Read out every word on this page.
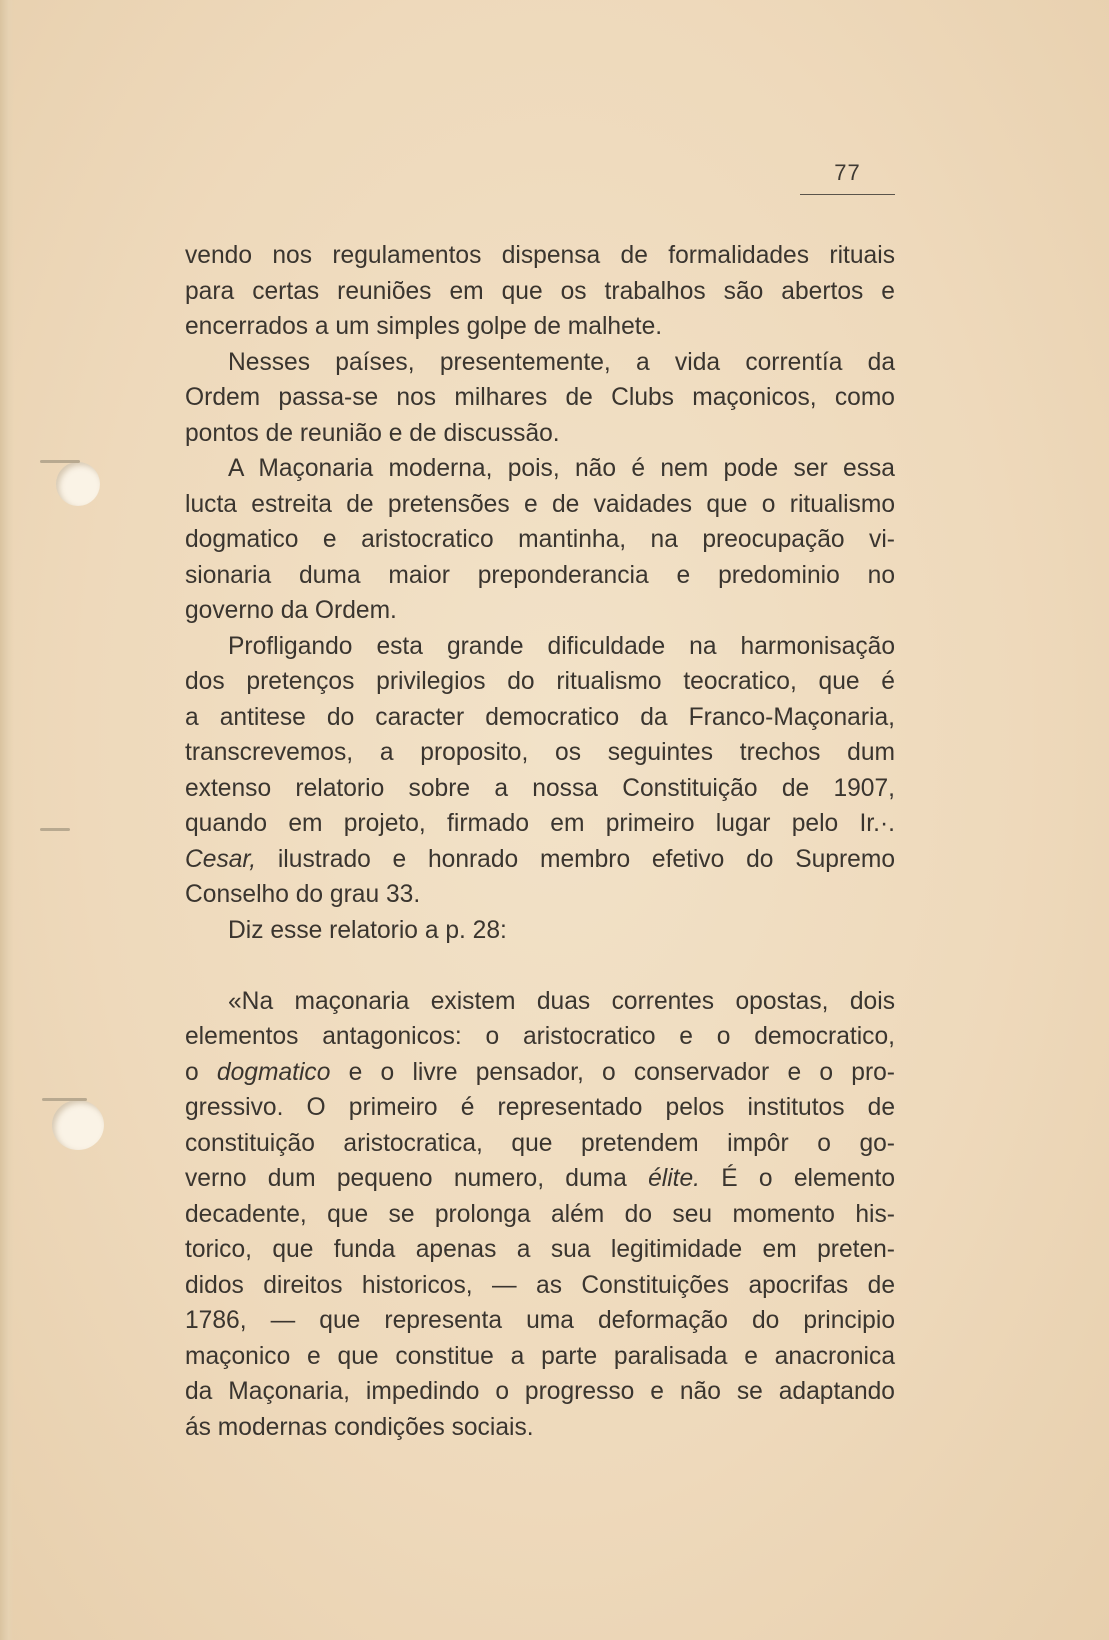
77
vendo nos regulamentos dispensa de formalidades rituais
para certas reuniões em que os trabalhos são abertos e
encerrados a um simples golpe de malhete.
Nesses países, presentemente, a vida correntía da
Ordem passa-se nos milhares de Clubs maçonicos, como
pontos de reunião e de discussão.
A Maçonaria moderna, pois, não é nem pode ser essa
lucta estreita de pretensões e de vaidades que o ritualismo
dogmatico e aristocratico mantinha, na preocupação vi-
sionaria duma maior preponderancia e predominio no
governo da Ordem.
Profligando esta grande dificuldade na harmonisação
dos pretenços privilegios do ritualismo teocratico, que é
a antitese do caracter democratico da Franco-Maçonaria,
transcrevemos, a proposito, os seguintes trechos dum
extenso relatorio sobre a nossa Constituição de 1907,
quando em projeto, firmado em primeiro lugar pelo Ir.·.
Cesar, ilustrado e honrado membro efetivo do Supremo
Conselho do grau 33.
Diz esse relatorio a p. 28:
«Na maçonaria existem duas correntes opostas, dois
elementos antagonicos: o aristocratico e o democratico,
o dogmatico e o livre pensador, o conservador e o pro-
gressivo. O primeiro é representado pelos institutos de
constituição aristocratica, que pretendem impôr o go-
verno dum pequeno numero, duma élite. É o elemento
decadente, que se prolonga além do seu momento his-
torico, que funda apenas a sua legitimidade em preten-
didos direitos historicos, — as Constituições apocrifas de
1786, — que representa uma deformação do principio
maçonico e que constitue a parte paralisada e anacronica
da Maçonaria, impedindo o progresso e não se adaptando
ás modernas condições sociais.
